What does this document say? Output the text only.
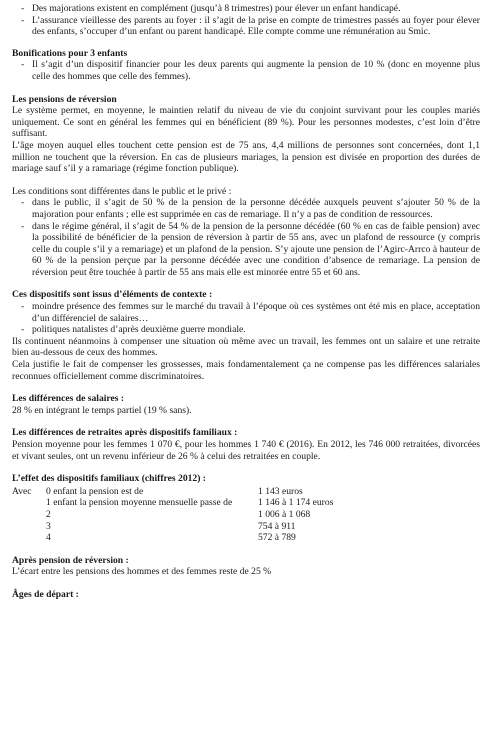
- Des majorations existent en complément (jusqu’à 8 trimestres) pour élever un enfant handicapé.
- L’assurance vieillesse des parents au foyer : il s’agit de la prise en compte de trimestres passés au foyer pour élever des enfants, s’occuper d’un enfant ou parent handicapé. Elle compte comme une rémunération au Smic.

Bonifications pour 3 enfants

- Il s’agit d’un dispositif financier pour les deux parents qui augmente la pension de 10 % (donc en moyenne plus celle des hommes que celle des femmes).

Les pensions de réversion

Le système permet, en moyenne, le maintien relatif du niveau de vie du conjoint survivant pour les couples mariés uniquement. Ce sont en général les femmes qui en bénéficient (89 %). Pour les personnes modestes, c’est loin d’être suffisant.

L’âge moyen auquel elles touchent cette pension est de 75 ans, 4,4 millions de personnes sont concernées, dont 1,1 million ne touchent que la réversion. En cas de plusieurs mariages, la pension est divisée en proportion des durées de mariage sauf s’il y a ramariage (régime fonction publique).

Les conditions sont différentes dans le public et le privé :

- dans le public, il s’agit de 50 % de la pension de la personne décédée auxquels peuvent s’ajouter 50 % de la majoration pour enfants ; elle est supprimée en cas de remariage. Il n’y a pas de condition de ressources.
- dans le régime général, il s’agit de 54 % de la pension de la personne décédée (60 % en cas de faible pension) avec la possibilité de bénéficier de la pension de réversion à partir de 55 ans, avec un plafond de ressource (y compris celle du couple s’il y a remariage) et un plafond de la pension. S’y ajoute une pension de l’Agirc-Arrco à hauteur de 60 % de la pension perçue par la personne décédée avec une condition d’absence de remariage. La pension de réversion peut être touchée à partir de 55 ans mais elle est minorée entre 55 et 60 ans.

Ces dispositifs sont issus d’éléments de contexte :

- moindre présence des femmes sur le marché du travail à l’époque où ces systèmes ont été mis en place, acceptation d’un différenciel de salaires…
- politiques natalistes d’après deuxième guerre mondiale.

Ils continuent néanmoins à compenser une situation où même avec un travail, les femmes ont un salaire et une retraite bien au-dessous de ceux des hommes.

Cela justifie le fait de compenser les grossesses, mais fondamentalement ça ne compense pas les différences salariales reconnues officiellement comme discriminatoires.

Les différences de salaires :

28 % en intégrant le temps partiel (19 % sans).

Les différences de retraites après dispositifs familiaux :

Pension moyenne pour les femmes 1 070 €, pour les hommes 1 740 € (2016). En 2012, les 746 000 retraitées, divorcées et vivant seules, ont un revenu inférieur de 26 % à celui des retraitées en couple.

L’effet des dispositifs familiaux (chiffres 2012) :

Avec	0 enfant la pension est de	1 143 euros
	1 enfant la pension moyenne mensuelle passe de	1 146 à 1 174 euros
	2	1 006 à 1 068
	3	754 à 911
	4	572 à 789

Après pension de réversion :

L’écart entre les pensions des hommes et des femmes reste de 25 %

Âges de départ :
